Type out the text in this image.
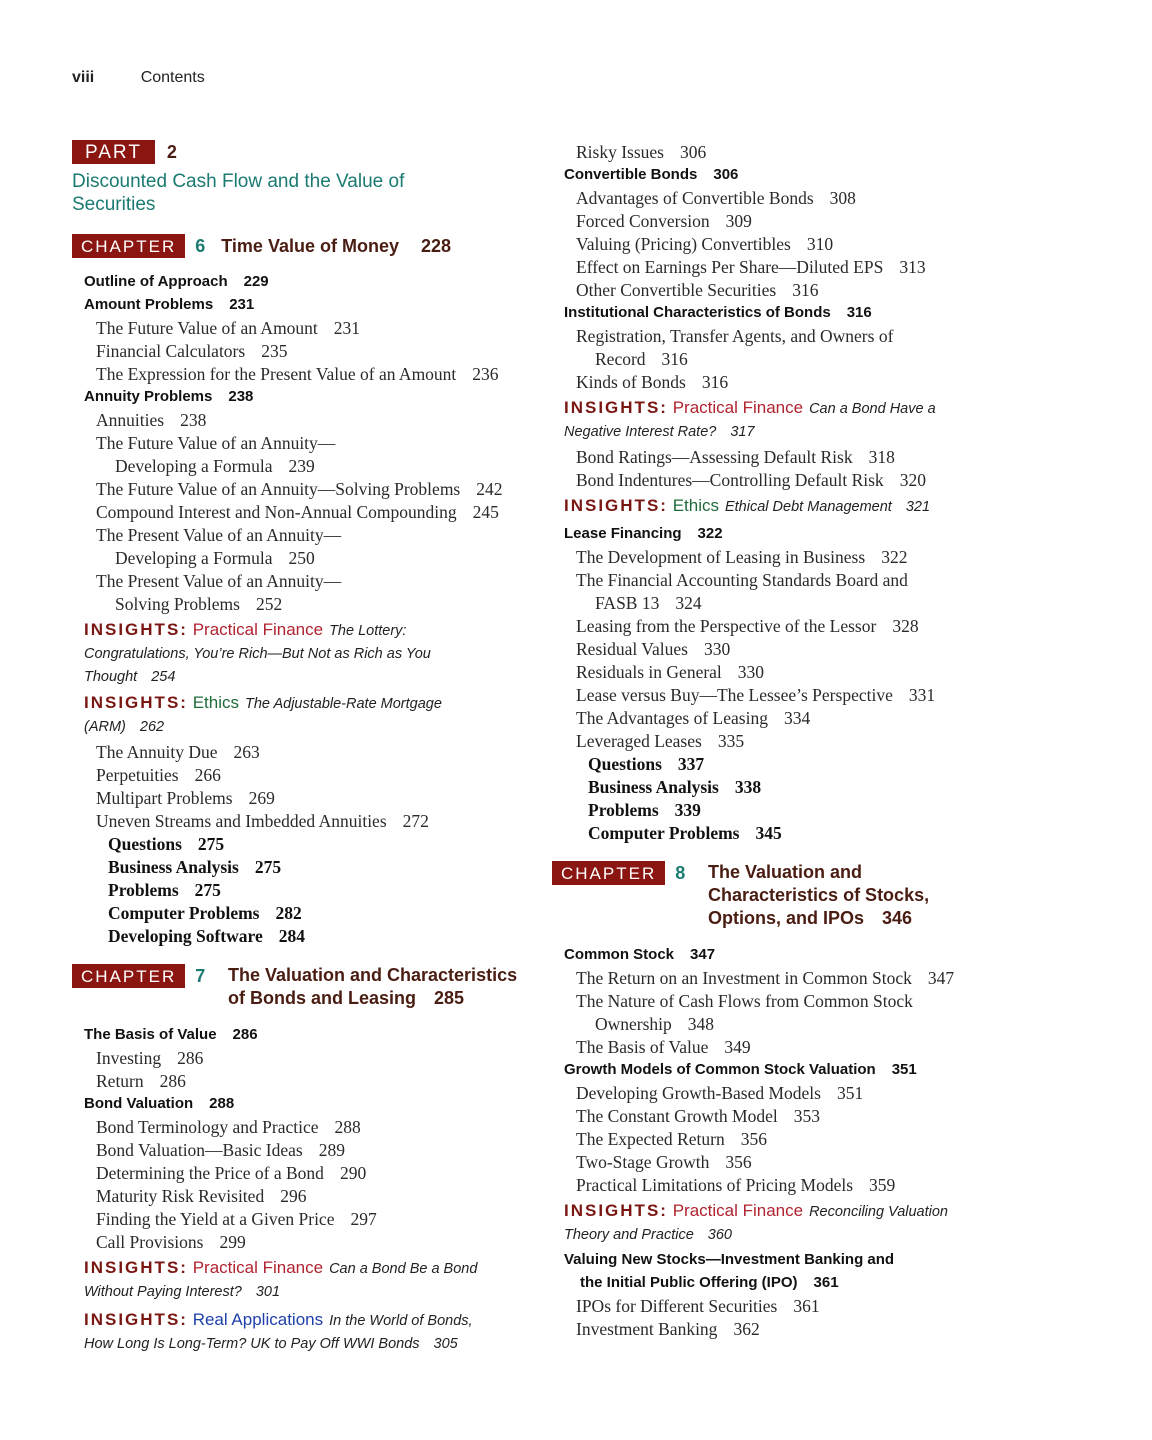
viii	Contents
PART 2
Discounted Cash Flow and the Value of
Securities
CHAPTER 6 Time Value of Money 228
Outline of Approach 229
Amount Problems 231
The Future Value of an Amount 231
Financial Calculators 235
The Expression for the Present Value of an Amount 236
Annuity Problems 238
Annuities 238
The Future Value of an Annuity—
Developing a Formula 239
The Future Value of an Annuity—Solving Problems 242
Compound Interest and Non-Annual Compounding 245
The Present Value of an Annuity—
Developing a Formula 250
The Present Value of an Annuity—
Solving Problems 252
INSIGHTS: Practical Finance The Lottery:
Congratulations, You’re Rich—But Not as Rich as You
Thought 254
INSIGHTS: Ethics The Adjustable-Rate Mortgage
(ARM) 262
The Annuity Due 263
Perpetuities 266
Multipart Problems 269
Uneven Streams and Imbedded Annuities 272
Questions 275
Business Analysis 275
Problems 275
Computer Problems 282
Developing Software 284
CHAPTER 7 The Valuation and Characteristics
of Bonds and Leasing 285
The Basis of Value 286
Investing 286
Return 286
Bond Valuation 288
Bond Terminology and Practice 288
Bond Valuation—Basic Ideas 289
Determining the Price of a Bond 290
Maturity Risk Revisited 296
Finding the Yield at a Given Price 297
Call Provisions 299
INSIGHTS: Practical Finance Can a Bond Be a Bond
Without Paying Interest? 301
INSIGHTS: Real Applications In the World of Bonds,
How Long Is Long-Term? UK to Pay Off WWI Bonds 305
Risky Issues 306
Convertible Bonds 306
Advantages of Convertible Bonds 308
Forced Conversion 309
Valuing (Pricing) Convertibles 310
Effect on Earnings Per Share—Diluted EPS 313
Other Convertible Securities 316
Institutional Characteristics of Bonds 316
Registration, Transfer Agents, and Owners of
Record 316
Kinds of Bonds 316
INSIGHTS: Practical Finance Can a Bond Have a
Negative Interest Rate? 317
Bond Ratings—Assessing Default Risk 318
Bond Indentures—Controlling Default Risk 320
INSIGHTS: Ethics Ethical Debt Management 321
Lease Financing 322
The Development of Leasing in Business 322
The Financial Accounting Standards Board and
FASB 13 324
Leasing from the Perspective of the Lessor 328
Residual Values 330
Residuals in General 330
Lease versus Buy—The Lessee’s Perspective 331
The Advantages of Leasing 334
Leveraged Leases 335
Questions 337
Business Analysis 338
Problems 339
Computer Problems 345
CHAPTER 8 The Valuation and
Characteristics of Stocks,
Options, and IPOs 346
Common Stock 347
The Return on an Investment in Common Stock 347
The Nature of Cash Flows from Common Stock
Ownership 348
The Basis of Value 349
Growth Models of Common Stock Valuation 351
Developing Growth-Based Models 351
The Constant Growth Model 353
The Expected Return 356
Two-Stage Growth 356
Practical Limitations of Pricing Models 359
INSIGHTS: Practical Finance Reconciling Valuation
Theory and Practice 360
Valuing New Stocks—Investment Banking and
the Initial Public Offering (IPO) 361
IPOs for Different Securities 361
Investment Banking 362
